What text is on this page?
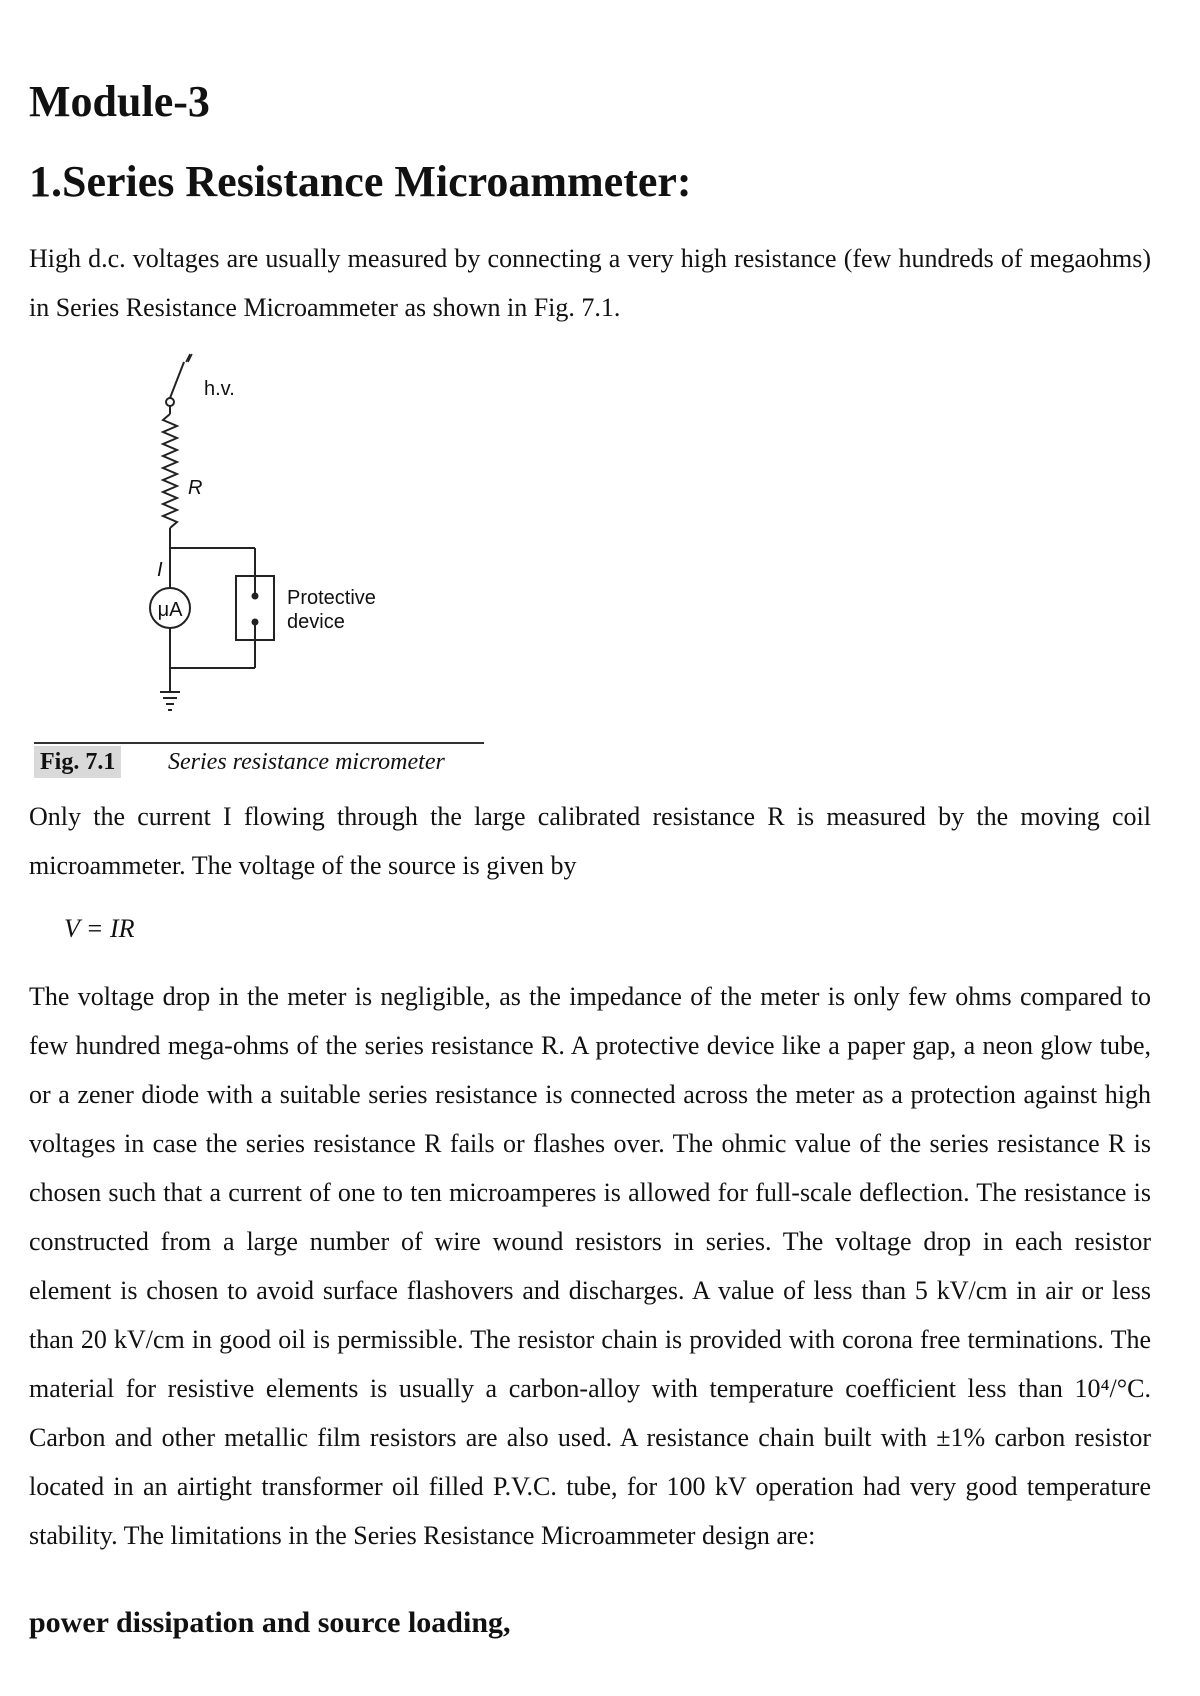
Module-3
1.Series Resistance Microammeter:

High d.c. voltages are usually measured by connecting a very high resistance (few hundreds of megaohms) in Series Resistance Microammeter as shown in Fig. 7.1.

h.v.
R
I
μA
Protective
device
Fig. 7.1 Series resistance micrometer

Only the current I flowing through the large calibrated resistance R is measured by the moving coil microammeter. The voltage of the source is given by

V = IR

The voltage drop in the meter is negligible, as the impedance of the meter is only few ohms compared to few hundred mega-ohms of the series resistance R. A protective device like a paper gap, a neon glow tube, or a zener diode with a suitable series resistance is connected across the meter as a protection against high voltages in case the series resistance R fails or flashes over. The ohmic value of the series resistance R is chosen such that a current of one to ten microamperes is allowed for full-scale deflection. The resistance is constructed from a large number of wire wound resistors in series. The voltage drop in each resistor element is chosen to avoid surface flashovers and discharges. A value of less than 5 kV/cm in air or less than 20 kV/cm in good oil is permissible. The resistor chain is provided with corona free terminations. The material for resistive elements is usually a carbon-alloy with temperature coefficient less than 10⁴/°C. Carbon and other metallic film resistors are also used. A resistance chain built with ±1% carbon resistor located in an airtight transformer oil filled P.V.C. tube, for 100 kV operation had very good temperature stability. The limitations in the Series Resistance Microammeter design are:

power dissipation and source loading,
